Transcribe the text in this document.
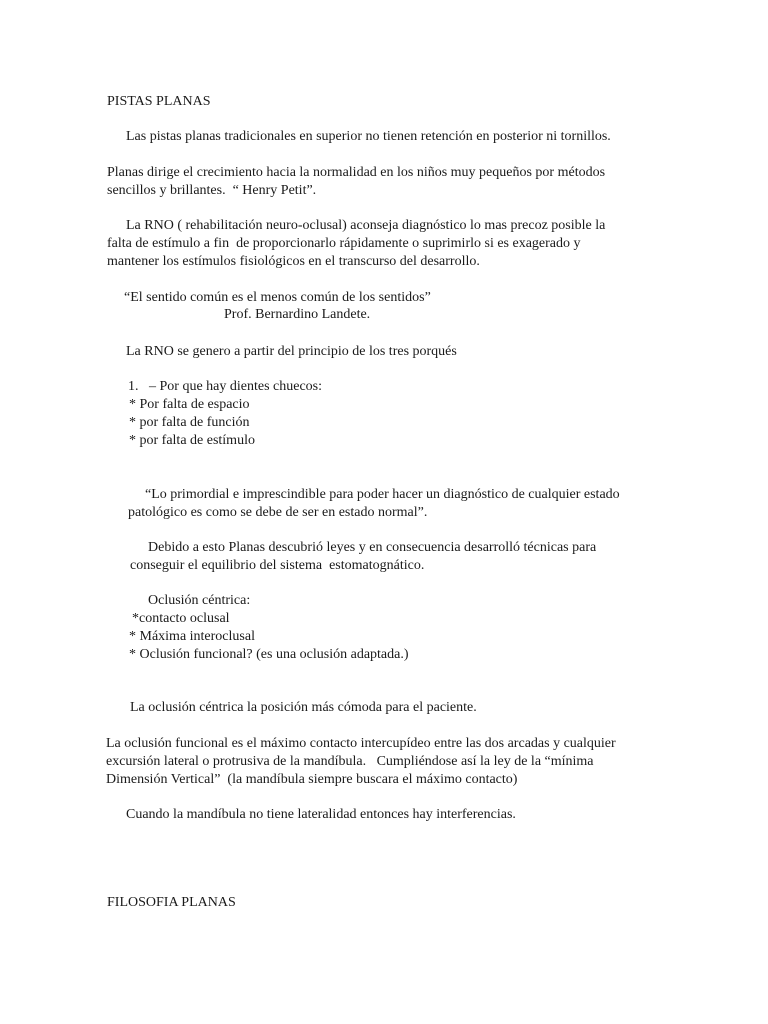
PISTAS PLANAS
Las pistas planas tradicionales en superior no tienen retención en posterior ni tornillos.
Planas dirige el crecimiento hacia la normalidad en los niños muy pequeños por métodos
sencillos y brillantes.  “ Henry Petit”.
La RNO ( rehabilitación neuro-oclusal) aconseja diagnóstico lo mas precoz posible la
falta de estímulo a fin  de proporcionarlo rápidamente o suprimirlo si es exagerado y
mantener los estímulos fisiológicos en el transcurso del desarrollo.
“El sentido común es el menos común de los sentidos”
Prof. Bernardino Landete.
La RNO se genero a partir del principio de los tres porqués
1.   – Por que hay dientes chuecos:
* Por falta de espacio
* por falta de función
* por falta de estímulo
“Lo primordial e imprescindible para poder hacer un diagnóstico de cualquier estado
patológico es como se debe de ser en estado normal”.
Debido a esto Planas descubrió leyes y en consecuencia desarrolló técnicas para
conseguir el equilibrio del sistema  estomatognático.
Oclusión céntrica:
*contacto oclusal
* Máxima interoclusal
* Oclusión funcional? (es una oclusión adaptada.)
La oclusión céntrica la posición más cómoda para el paciente.
La oclusión funcional es el máximo contacto intercupídeo entre las dos arcadas y cualquier
excursión lateral o protrusiva de la mandíbula.   Cumpliéndose así la ley de la “mínima
Dimensión Vertical”  (la mandíbula siempre buscara el máximo contacto)
Cuando la mandíbula no tiene lateralidad entonces hay interferencias.
FILOSOFIA PLANAS
